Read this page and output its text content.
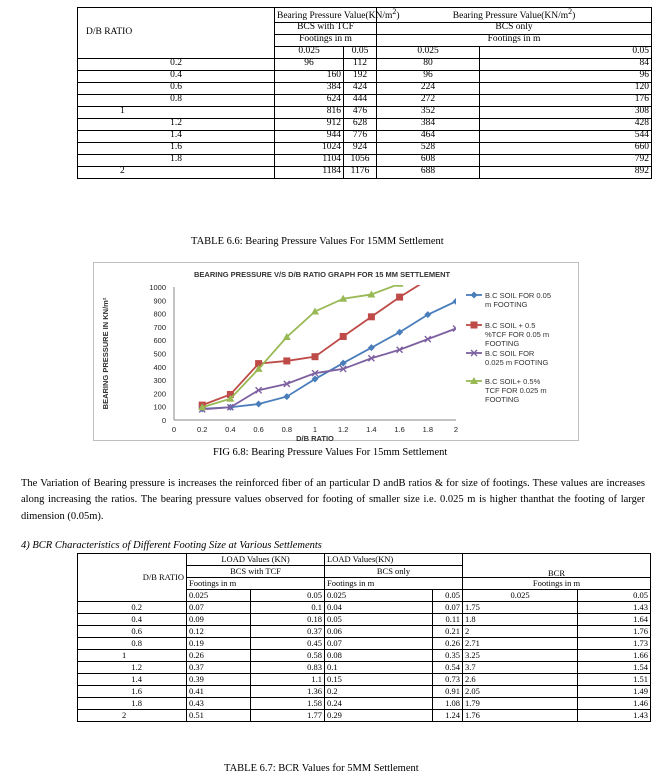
D/B RATIO	Bearing Pressure $Value(KN/m^2)$		Bearing Pressure $Value(KN/m^2)$	
	BCS with TCF		BCS only	
	Footings in m		Footings in m	
	0.025	0.05	0.025	0.05
0.2	96	112	80	84
0.4	160	192	96	96
0.6	384	424	224	120
0.8	624	444	272	176
1	816	476	352	308
1.2	912	628	384	428
1.4	944	776	464	544
1.6	1024	924	528	660
1.8	1104	1056	608	792
2	1184	1176	688	892
TABLE 6.6: Bearing Pressure Values For 15MM Settlement
BEARING PRESSURE V/S D/B RATIO GRAPH FOR 15 MM SETTLEMENT
0
100
200
300
400
500
600
700
800
900
1000
0	0.2 0.4 0.6 0.8	1	1.2 1.4 1.6 1.8	2
D/B RATIO
BEARING PRESSURE IN KN/m²
B.C SOIL FOR 0.05 m FOOTING
B.C SOIL + 0.5 %TCF FOR 0.05 m FOOTING
B.C SOIL FOR 0.025 m FOOTING
B.C SOIL+ 0.5% TCF FOR 0.025 m FOOTING
FIG 6.8: Bearing Pressure Values For 15mm Settlement
The Variation of Bearing pressure is increases the reinforced fiber of an particular D andB ratios & for size of footings. These values are increases along increasing the ratios. The bearing pressure values observed for footing of smaller size i.e. 0.025 m is higher thanthat the footing of larger dimension (0.05m).
4) BCR Characteristics of Different Footing Size at Various Settlements
D/B RATIO	LOAD Values (KN)		LOAD Values(KN)		BCR	
	BCS with TCF		BCS only			
	Footings in m		Footings in m		Footings in m	
	0.025	0.05	0.025	0.05	0.025	0.05
0.2	0.07	0.1	0.04	0.07	1.75	1.43
0.4	0.09	0.18	0.05	0.11	1.8	1.64
0.6	0.12	0.37	0.06	0.21	2	1.76
0.8	0.19	0.45	0.07	0.26	2.71	1.73
1	0.26	0.58	0.08	0.35	3.25	1.66
1.2	0.37	0.83	0.1	0.54	3.7	1.54
1.4	0.39	1.1	0.15	0.73	2.6	1.51
1.6	0.41	1.36	0.2	0.91	2.05	1.49
1.8	0.43	1.58	0.24	1.08	1.79	1.46
2	0.51	1.77	0.29	1.24	1.76	1.43
TABLE 6.7: BCR Values for 5MM Settlement
